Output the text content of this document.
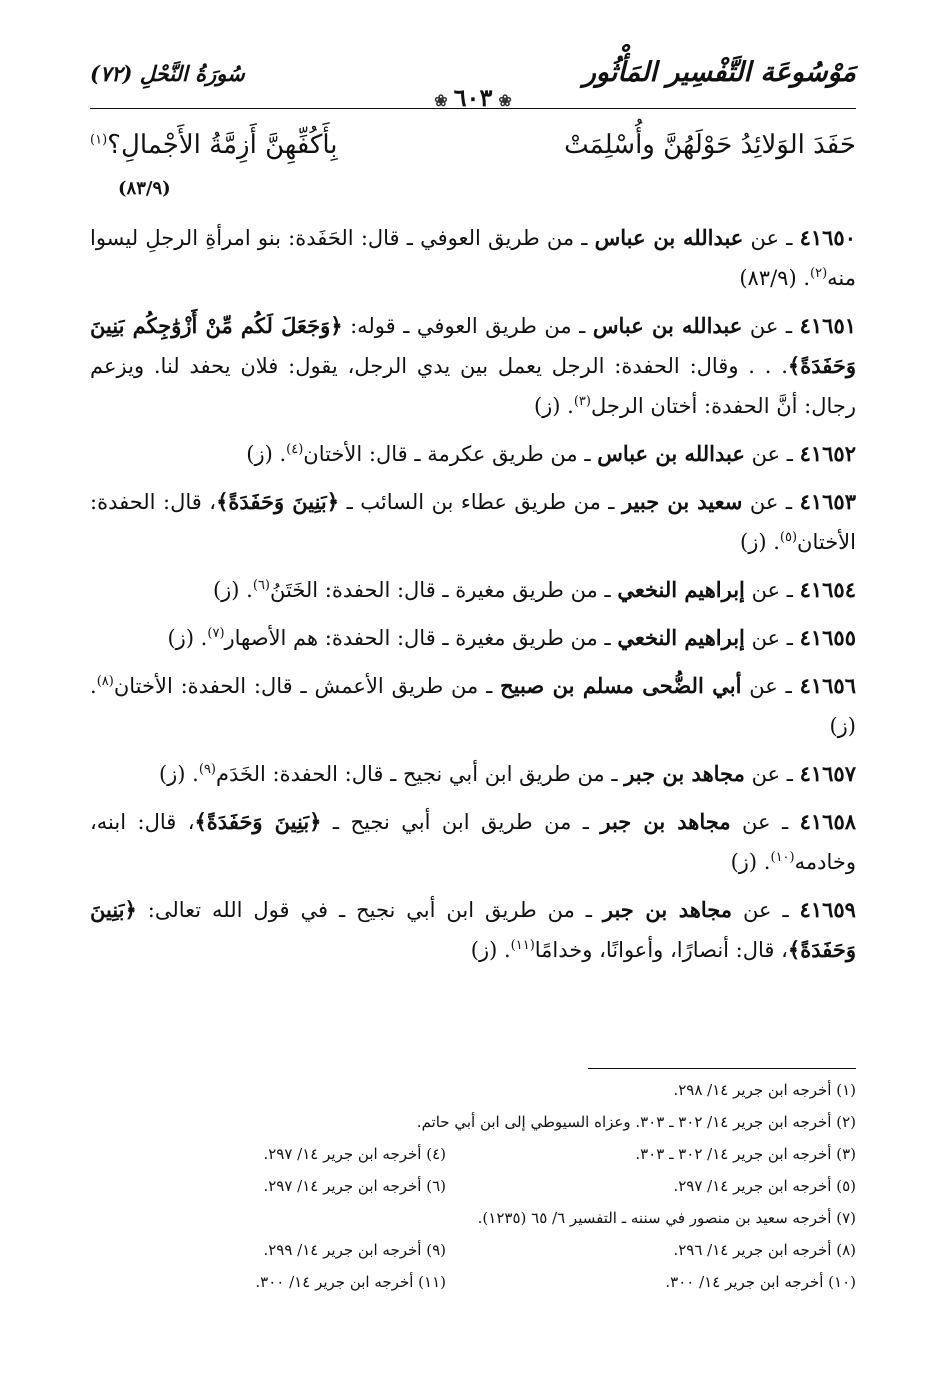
مَوْسُوعَة التَّفْسِير المَأْثُور
❀٦٠٣❀
سُورَةُ النَّحْلِ (٧٢)
حَفَدَ الوَلائِدُ حَوْلَهُنَّ وأُسْلِمَتْ
بِأَكُفِّهِنَّ أَزِمَّةُ الأَجْمالِ؟$^{(١)}$
(٨٣/٩)

٤١٦٥٠ ـ عن عبدالله بن عباس ـ من طريق العوفي ـ قال: الحَفَدة: بنو امرأةِ الرجلِ ليسوا منه$^{(٢)}$. (٨٣/٩)

٤١٦٥١ ـ عن عبدالله بن عباس ـ من طريق العوفي ـ قوله: ﴿وَجَعَلَ لَكُم مِّنْ أَزْوَٰجِكُم بَنِينَ وَحَفَدَةً﴾. . . وقال: الحفدة: الرجل يعمل بين يدي الرجل، يقول: فلان يحفد لنا. ويزعم رجال: أنَّ الحفدة: أختان الرجل$^{(٣)}$. (ز)

٤١٦٥٢ ـ عن عبدالله بن عباس ـ من طريق عكرمة ـ قال: الأختان$^{(٤)}$. (ز)

٤١٦٥٣ ـ عن سعيد بن جبير ـ من طريق عطاء بن السائب ـ ﴿بَنِينَ وَحَفَدَةً﴾، قال: الحفدة: الأختان$^{(٥)}$. (ز)

٤١٦٥٤ ـ عن إبراهيم النخعي ـ من طريق مغيرة ـ قال: الحفدة: الخَتَنُ$^{(٦)}$. (ز)

٤١٦٥٥ ـ عن إبراهيم النخعي ـ من طريق مغيرة ـ قال: الحفدة: هم الأصهار$^{(٧)}$. (ز)

٤١٦٥٦ ـ عن أبي الضُّحى مسلم بن صبيح ـ من طريق الأعمش ـ قال: الحفدة: الأختان$^{(٨)}$. (ز)

٤١٦٥٧ ـ عن مجاهد بن جبر ـ من طريق ابن أبي نجيح ـ قال: الحفدة: الخَدَم$^{(٩)}$. (ز)

٤١٦٥٨ ـ عن مجاهد بن جبر ـ من طريق ابن أبي نجيح ـ ﴿بَنِينَ وَحَفَدَةً﴾، قال: ابنه، وخادمه$^{(١٠)}$. (ز)

٤١٦٥٩ ـ عن مجاهد بن جبر ـ من طريق ابن أبي نجيح ـ في قول الله تعالى: ﴿بَنِينَ وَحَفَدَةً﴾، قال: أنصارًا، وأعوانًا، وخدامًا$^{(١١)}$. (ز)

(١) أخرجه ابن جرير ١٤/ ٢٩٨.
(٢) أخرجه ابن جرير ١٤/ ٣٠٢ ـ ٣٠٣. وعزاه السيوطي إلى ابن أبي حاتم.
(٣) أخرجه ابن جرير ١٤/ ٣٠٢ ـ ٣٠٣.
(٤) أخرجه ابن جرير ١٤/ ٢٩٧.
(٥) أخرجه ابن جرير ١٤/ ٢٩٧.
(٦) أخرجه ابن جرير ١٤/ ٢٩٧.
(٧) أخرجه سعيد بن منصور في سننه ـ التفسير ٦/ ٦٥ (١٢٣٥).
(٨) أخرجه ابن جرير ١٤/ ٢٩٦.
(٩) أخرجه ابن جرير ١٤/ ٢٩٩.
(١٠) أخرجه ابن جرير ١٤/ ٣٠٠.
(١١) أخرجه ابن جرير ١٤/ ٣٠٠.
